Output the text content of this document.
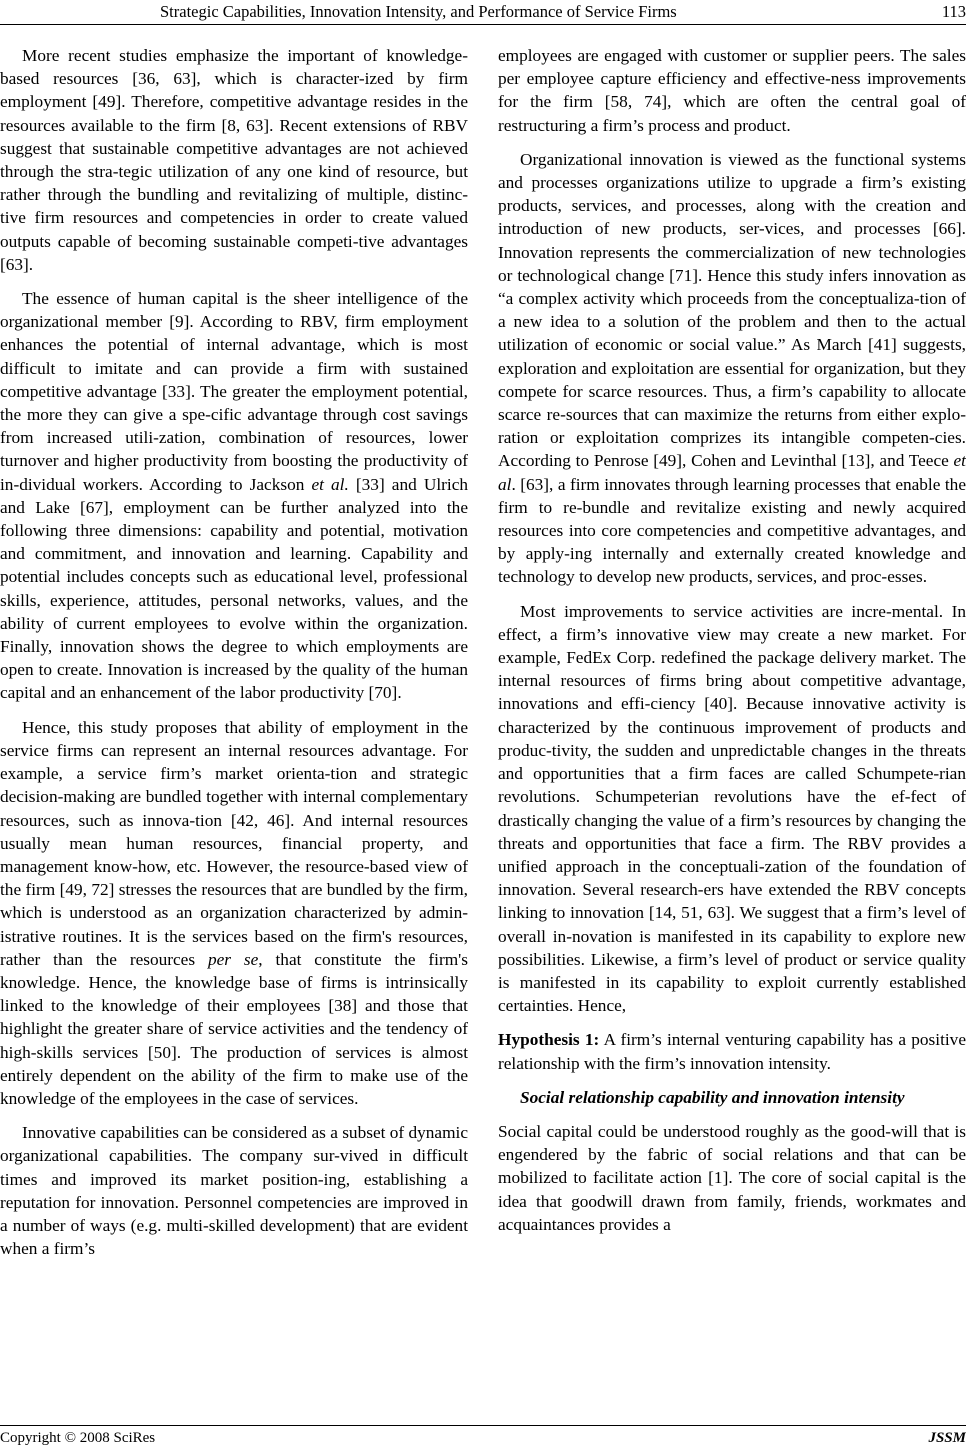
Strategic Capabilities, Innovation Intensity, and Performance of Service Firms	113

More recent studies emphasize the important of knowledge-based resources [36, 63], which is character-ized by firm employment [49]. Therefore, competitive advantage resides in the resources available to the firm [8, 63]. Recent extensions of RBV suggest that sustainable competitive advantages are not achieved through the stra-tegic utilization of any one kind of resource, but rather through the bundling and revitalizing of multiple, distinc-tive firm resources and competencies in order to create valued outputs capable of becoming sustainable competi-tive advantages [63].

The essence of human capital is the sheer intelligence of the organizational member [9]. According to RBV, firm employment enhances the potential of internal advantage, which is most difficult to imitate and can provide a firm with sustained competitive advantage [33]. The greater the employment potential, the more they can give a spe-cific advantage through cost savings from increased utili-zation, combination of resources, lower turnover and higher productivity from boosting the productivity of in-dividual workers. According to Jackson et al. [33] and Ulrich and Lake [67], employment can be further analyzed into the following three dimensions: capability and potential, motivation and commitment, and innovation and learning. Capability and potential includes concepts such as educational level, professional skills, experience, attitudes, personal networks, values, and the ability of current employees to evolve within the organization. Finally, innovation shows the degree to which employments are open to create. Innovation is increased by the quality of the human capital and an enhancement of the labor productivity [70].

Hence, this study proposes that ability of employment in the service firms can represent an internal resources advantage. For example, a service firm’s market orienta-tion and strategic decision-making are bundled together with internal complementary resources, such as innova-tion [42, 46]. And internal resources usually mean human resources, financial property, and management know-how, etc. However, the resource-based view of the firm [49, 72] stresses the resources that are bundled by the firm, which is understood as an organization characterized by admin-istrative routines. It is the services based on the firm's resources, rather than the resources per se, that constitute the firm's knowledge. Hence, the knowledge base of firms is intrinsically linked to the knowledge of their employees [38] and those that highlight the greater share of service activities and the tendency of high-skills services [50]. The production of services is almost entirely dependent on the ability of the firm to make use of the knowledge of the employees in the case of services.

Innovative capabilities can be considered as a subset of dynamic organizational capabilities. The company sur-vived in difficult times and improved its market position-ing, establishing a reputation for innovation. Personnel competencies are improved in a number of ways (e.g. multi-skilled development) that are evident when a firm’s

employees are engaged with customer or supplier peers. The sales per employee capture efficiency and effective-ness improvements for the firm [58, 74], which are often the central goal of restructuring a firm’s process and product.

Organizational innovation is viewed as the functional systems and processes organizations utilize to upgrade a firm’s existing products, services, and processes, along with the creation and introduction of new products, ser-vices, and processes [66]. Innovation represents the commercialization of new technologies or technological change [71]. Hence this study infers innovation as “a complex activity which proceeds from the conceptualiza-tion of a new idea to a solution of the problem and then to the actual utilization of economic or social value.” As March [41] suggests, exploration and exploitation are essential for organization, but they compete for scarce resources. Thus, a firm’s capability to allocate scarce re-sources that can maximize the returns from either explo-ration or exploitation comprizes its intangible competen-cies. According to Penrose [49], Cohen and Levinthal [13], and Teece et al. [63], a firm innovates through learning processes that enable the firm to re-bundle and revitalize existing and newly acquired resources into core competencies and competitive advantages, and by apply-ing internally and externally created knowledge and technology to develop new products, services, and proc-esses.

Most improvements to service activities are incre-mental. In effect, a firm’s innovative view may create a new market. For example, FedEx Corp. redefined the package delivery market. The internal resources of firms bring about competitive advantage, innovations and effi-ciency [40]. Because innovative activity is characterized by the continuous improvement of products and produc-tivity, the sudden and unpredictable changes in the threats and opportunities that a firm faces are called Schumpete-rian revolutions. Schumpeterian revolutions have the ef-fect of drastically changing the value of a firm’s resources by changing the threats and opportunities that face a firm. The RBV provides a unified approach in the conceptuali-zation of the foundation of innovation. Several research-ers have extended the RBV concepts linking to innovation [14, 51, 63]. We suggest that a firm’s level of overall in-novation is manifested in its capability to explore new possibilities. Likewise, a firm’s level of product or service quality is manifested in its capability to exploit currently established certainties. Hence,

Hypothesis 1: A firm’s internal venturing capability has a positive relationship with the firm’s innovation intensity.

Social relationship capability and innovation intensity

Social capital could be understood roughly as the good-will that is engendered by the fabric of social relations and that can be mobilized to facilitate action [1]. The core of social capital is the idea that goodwill drawn from family, friends, workmates and acquaintances provides a

Copyright © 2008 SciRes	JSSM
